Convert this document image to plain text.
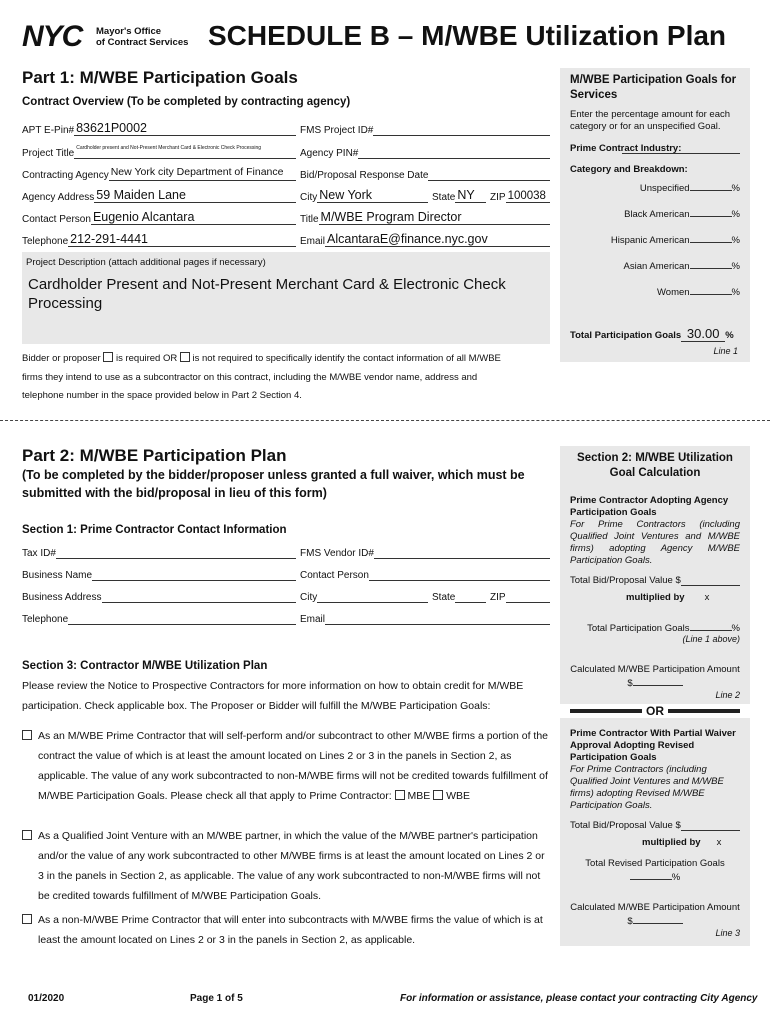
NYC Mayor's Office
of Contract Services SCHEDULE B – M/WBE Utilization Plan
Part 1: M/WBE Participation Goals
Contract Overview (To be completed by contracting agency)
APT E-Pin# 83621P0002	FMS Project ID#
Project Title Cardholder present and Not-Present Merchant Card & Electronic Check Processing	Agency PIN#
Contracting Agency New York city Department of Finance Bid/Proposal Response Date
Agency Address 59 Maiden Lane	City New York	State NY ZIP 100038
Contact Person Eugenio Alcantara	Title M/WBE Program Director
Telephone 212-291-4441	Email AlcantaraE@finance.nyc.gov
Project Description (attach additional pages if necessary)
Cardholder Present and Not-Present Merchant Card & Electronic Check Processing
Bidder or proposer is required OR is not required to specifically identify the contact information of all M/WBE
firms they intend to use as a subcontractor on this contract, including the M/WBE vendor name, address and
telephone number in the space provided below in Part 2 Section 4.
M/WBE Participation Goals for Services
Enter the percentage amount for each category or for an unspecified Goal.
Prime Contract Industry:
Category and Breakdown:
Unspecified	%
Black American	%
Hispanic American	%
Asian American	%
Women	%
Total Participation Goals 30.00 %
Line 1
Part 2: M/WBE Participation Plan
(To be completed by the bidder/proposer unless granted a full waiver, which must be submitted with the bid/proposal in lieu of this form)
Section 1: Prime Contractor Contact Information
Tax ID#	FMS Vendor ID#
Business Name	Contact Person
Business Address	City	State	ZIP
Telephone	Email
Section 3: Contractor M/WBE Utilization Plan
Please review the Notice to Prospective Contractors for more information on how to obtain credit for M/WBE participation. Check applicable box. The Proposer or Bidder will fulfill the M/WBE Participation Goals:
As an M/WBE Prime Contractor that will self-perform and/or subcontract to other M/WBE firms a portion of the contract the value of which is at least the amount located on Lines 2 or 3 in the panels in Section 2, as applicable. The value of any work subcontracted to non-M/WBE firms will not be credited towards fulfillment of M/WBE Participation Goals. Please check all that apply to Prime Contractor: MBE WBE
As a Qualified Joint Venture with an M/WBE partner, in which the value of the M/WBE partner's participation and/or the value of any work subcontracted to other M/WBE firms is at least the amount located on Lines 2 or 3 in the panels in Section 2, as applicable. The value of any work subcontracted to non-M/WBE firms will not be credited towards fulfillment of M/WBE Participation Goals.
As a non-M/WBE Prime Contractor that will enter into subcontracts with M/WBE firms the value of which is at least the amount located on Lines 2 or 3 in the panels in Section 2, as applicable.
Section 2: M/WBE Utilization Goal Calculation
Prime Contractor Adopting Agency Participation Goals
For Prime Contractors (including Qualified Joint Ventures and M/WBE firms) adopting Agency M/WBE Participation Goals.
Total Bid/Proposal Value $
multiplied by x
Total Participation Goals	%
(Line 1 above)
Calculated M/WBE Participation Amount $
Line 2
OR
Prime Contractor With Partial Waiver Approval Adopting Revised Participation Goals
For Prime Contractors (including Qualified Joint Ventures and M/WBE firms) adopting Revised M/WBE Participation Goals.
Total Bid/Proposal Value $
multiplied by x
Total Revised Participation Goals%
Calculated M/WBE Participation Amount $
Line 3
01/2020	Page 1 of 5	For information or assistance, please contact your contracting City Agency
